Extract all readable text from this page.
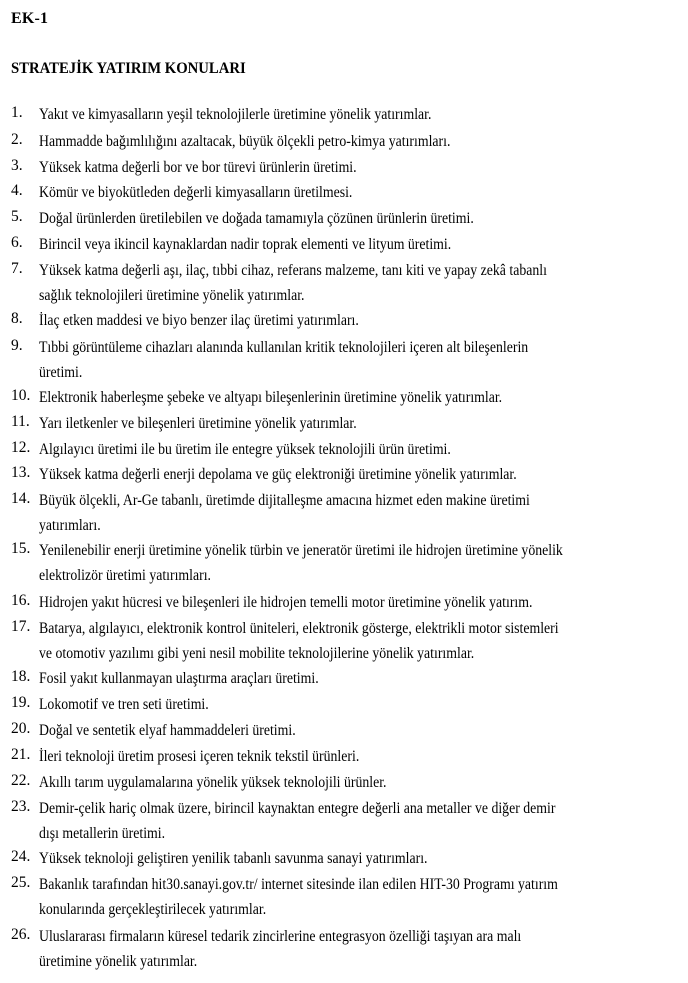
EK-1
STRATEJİK YATIRIM KONULARI
1. Yakıt ve kimyasalların yeşil teknolojilerle üretimine yönelik yatırımlar.
2. Hammadde bağımlılığını azaltacak, büyük ölçekli petro-kimya yatırımları.
3. Yüksek katma değerli bor ve bor türevi ürünlerin üretimi.
4. Kömür ve biyokütleden değerli kimyasalların üretilmesi.
5. Doğal ürünlerden üretilebilen ve doğada tamamıyla çözünen ürünlerin üretimi.
6. Birincil veya ikincil kaynaklardan nadir toprak elementi ve lityum üretimi.
7. Yüksek katma değerli aşı, ilaç, tıbbi cihaz, referans malzeme, tanı kiti ve yapay zekâ tabanlı
sağlık teknolojileri üretimine yönelik yatırımlar.
8. İlaç etken maddesi ve biyo benzer ilaç üretimi yatırımları.
9. Tıbbi görüntüleme cihazları alanında kullanılan kritik teknolojileri içeren alt bileşenlerin
üretimi.
10. Elektronik haberleşme şebeke ve altyapı bileşenlerinin üretimine yönelik yatırımlar.
11. Yarı iletkenler ve bileşenleri üretimine yönelik yatırımlar.
12. Algılayıcı üretimi ile bu üretim ile entegre yüksek teknolojili ürün üretimi.
13. Yüksek katma değerli enerji depolama ve güç elektroniği üretimine yönelik yatırımlar.
14. Büyük ölçekli, Ar-Ge tabanlı, üretimde dijitalleşme amacına hizmet eden makine üretimi
yatırımları.
15. Yenilenebilir enerji üretimine yönelik türbin ve jeneratör üretimi ile hidrojen üretimine yönelik
elektrolizör üretimi yatırımları.
16. Hidrojen yakıt hücresi ve bileşenleri ile hidrojen temelli motor üretimine yönelik yatırım.
17. Batarya, algılayıcı, elektronik kontrol üniteleri, elektronik gösterge, elektrikli motor sistemleri
ve otomotiv yazılımı gibi yeni nesil mobilite teknolojilerine yönelik yatırımlar.
18. Fosil yakıt kullanmayan ulaştırma araçları üretimi.
19. Lokomotif ve tren seti üretimi.
20. Doğal ve sentetik elyaf hammaddeleri üretimi.
21. İleri teknoloji üretim prosesi içeren teknik tekstil ürünleri.
22. Akıllı tarım uygulamalarına yönelik yüksek teknolojili ürünler.
23. Demir-çelik hariç olmak üzere, birincil kaynaktan entegre değerli ana metaller ve diğer demir
dışı metallerin üretimi.
24. Yüksek teknoloji geliştiren yenilik tabanlı savunma sanayi yatırımları.
25. Bakanlık tarafından hit30.sanayi.gov.tr/ internet sitesinde ilan edilen HIT-30 Programı yatırım
konularında gerçekleştirilecek yatırımlar.
26. Uluslararası firmaların küresel tedarik zincirlerine entegrasyon özelliği taşıyan ara malı
üretimine yönelik yatırımlar.
